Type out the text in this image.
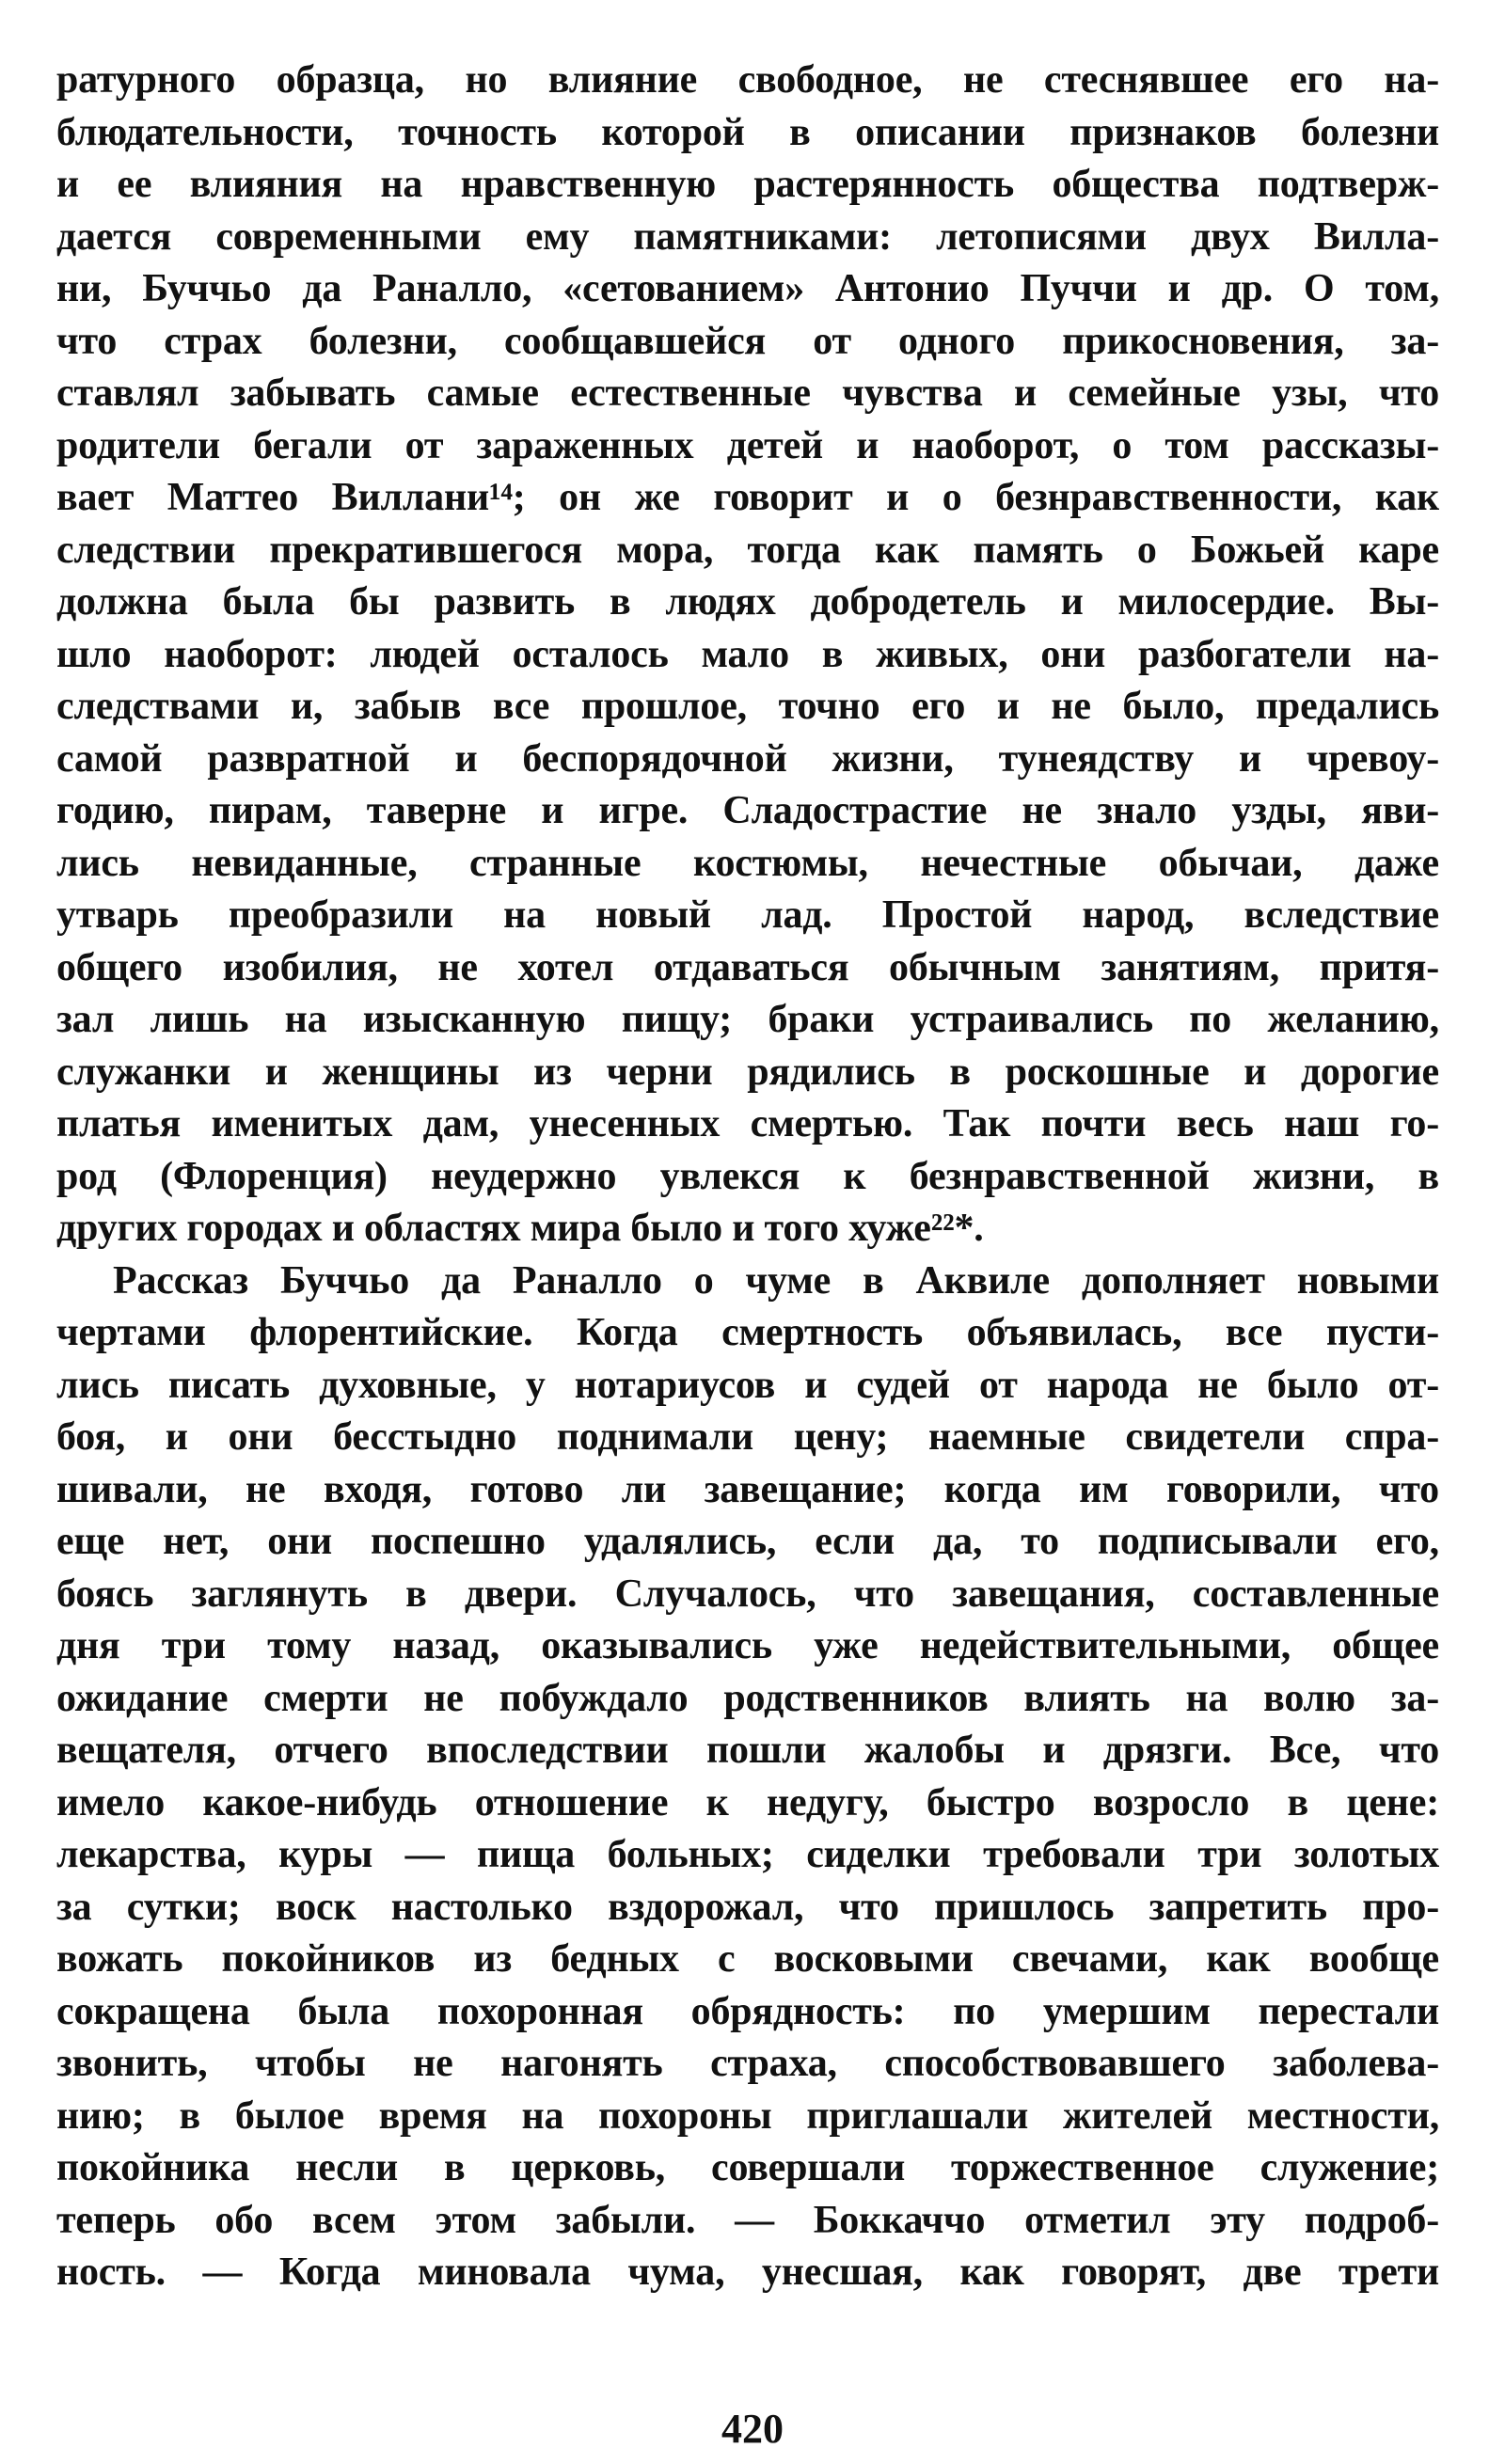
ратурного образца, но влияние свободное, не стеснявшее его на-
блюдательности, точность которой в описании признаков болезни
и ее влияния на нравственную растерянность общества подтверж-
дается современными ему памятниками: летописями двух Вилла-
ни, Буччьо да Раналло, «сетованием» Антонио Пуччи и др. О том,
что страх болезни, сообщавшейся от одного прикосновения, за-
ставлял забывать самые естественные чувства и семейные узы, что
родители бегали от зараженных детей и наоборот, о том рассказы-
вает Маттео Виллани¹⁴; он же говорит и о безнравственности, как
следствии прекратившегося мора, тогда как память о Божьей каре
должна была бы развить в людях добродетель и милосердие. Вы-
шло наоборот: людей осталось мало в живых, они разбогатели на-
следствами и, забыв все прошлое, точно его и не было, предались
самой развратной и беспорядочной жизни, тунеядству и чревоу-
годию, пирам, таверне и игре. Сладострастие не знало узды, яви-
лись невиданные, странные костюмы, нечестные обычаи, даже
утварь преобразили на новый лад. Простой народ, вследствие
общего изобилия, не хотел отдаваться обычным занятиям, притя-
зал лишь на изысканную пищу; браки устраивались по желанию,
служанки и женщины из черни рядились в роскошные и дорогие
платья именитых дам, унесенных смертью. Так почти весь наш го-
род (Флоренция) неудержно увлекся к безнравственной жизни, в
других городах и областях мира было и того хуже²²*.
Рассказ Буччьо да Раналло о чуме в Аквиле дополняет новыми
чертами флорентийские. Когда смертность объявилась, все пусти-
лись писать духовные, у нотариусов и судей от народа не было от-
боя, и они бесстыдно поднимали цену; наемные свидетели спра-
шивали, не входя, готово ли завещание; когда им говорили, что
еще нет, они поспешно удалялись, если да, то подписывали его,
боясь заглянуть в двери. Случалось, что завещания, составленные
дня три тому назад, оказывались уже недействительными, общее
ожидание смерти не побуждало родственников влиять на волю за-
вещателя, отчего впоследствии пошли жалобы и дрязги. Все, что
имело какое-нибудь отношение к недугу, быстро возросло в цене:
лекарства, куры — пища больных; сиделки требовали три золотых
за сутки; воск настолько вздорожал, что пришлось запретить про-
вожать покойников из бедных с восковыми свечами, как вообще
сокращена была похоронная обрядность: по умершим перестали
звонить, чтобы не нагонять страха, способствовавшего заболева-
нию; в былое время на похороны приглашали жителей местности,
покойника несли в церковь, совершали торжественное служение;
теперь обо всем этом забыли. — Боккаччо отметил эту подроб-
ность. — Когда миновала чума, унесшая, как говорят, две трети
420
